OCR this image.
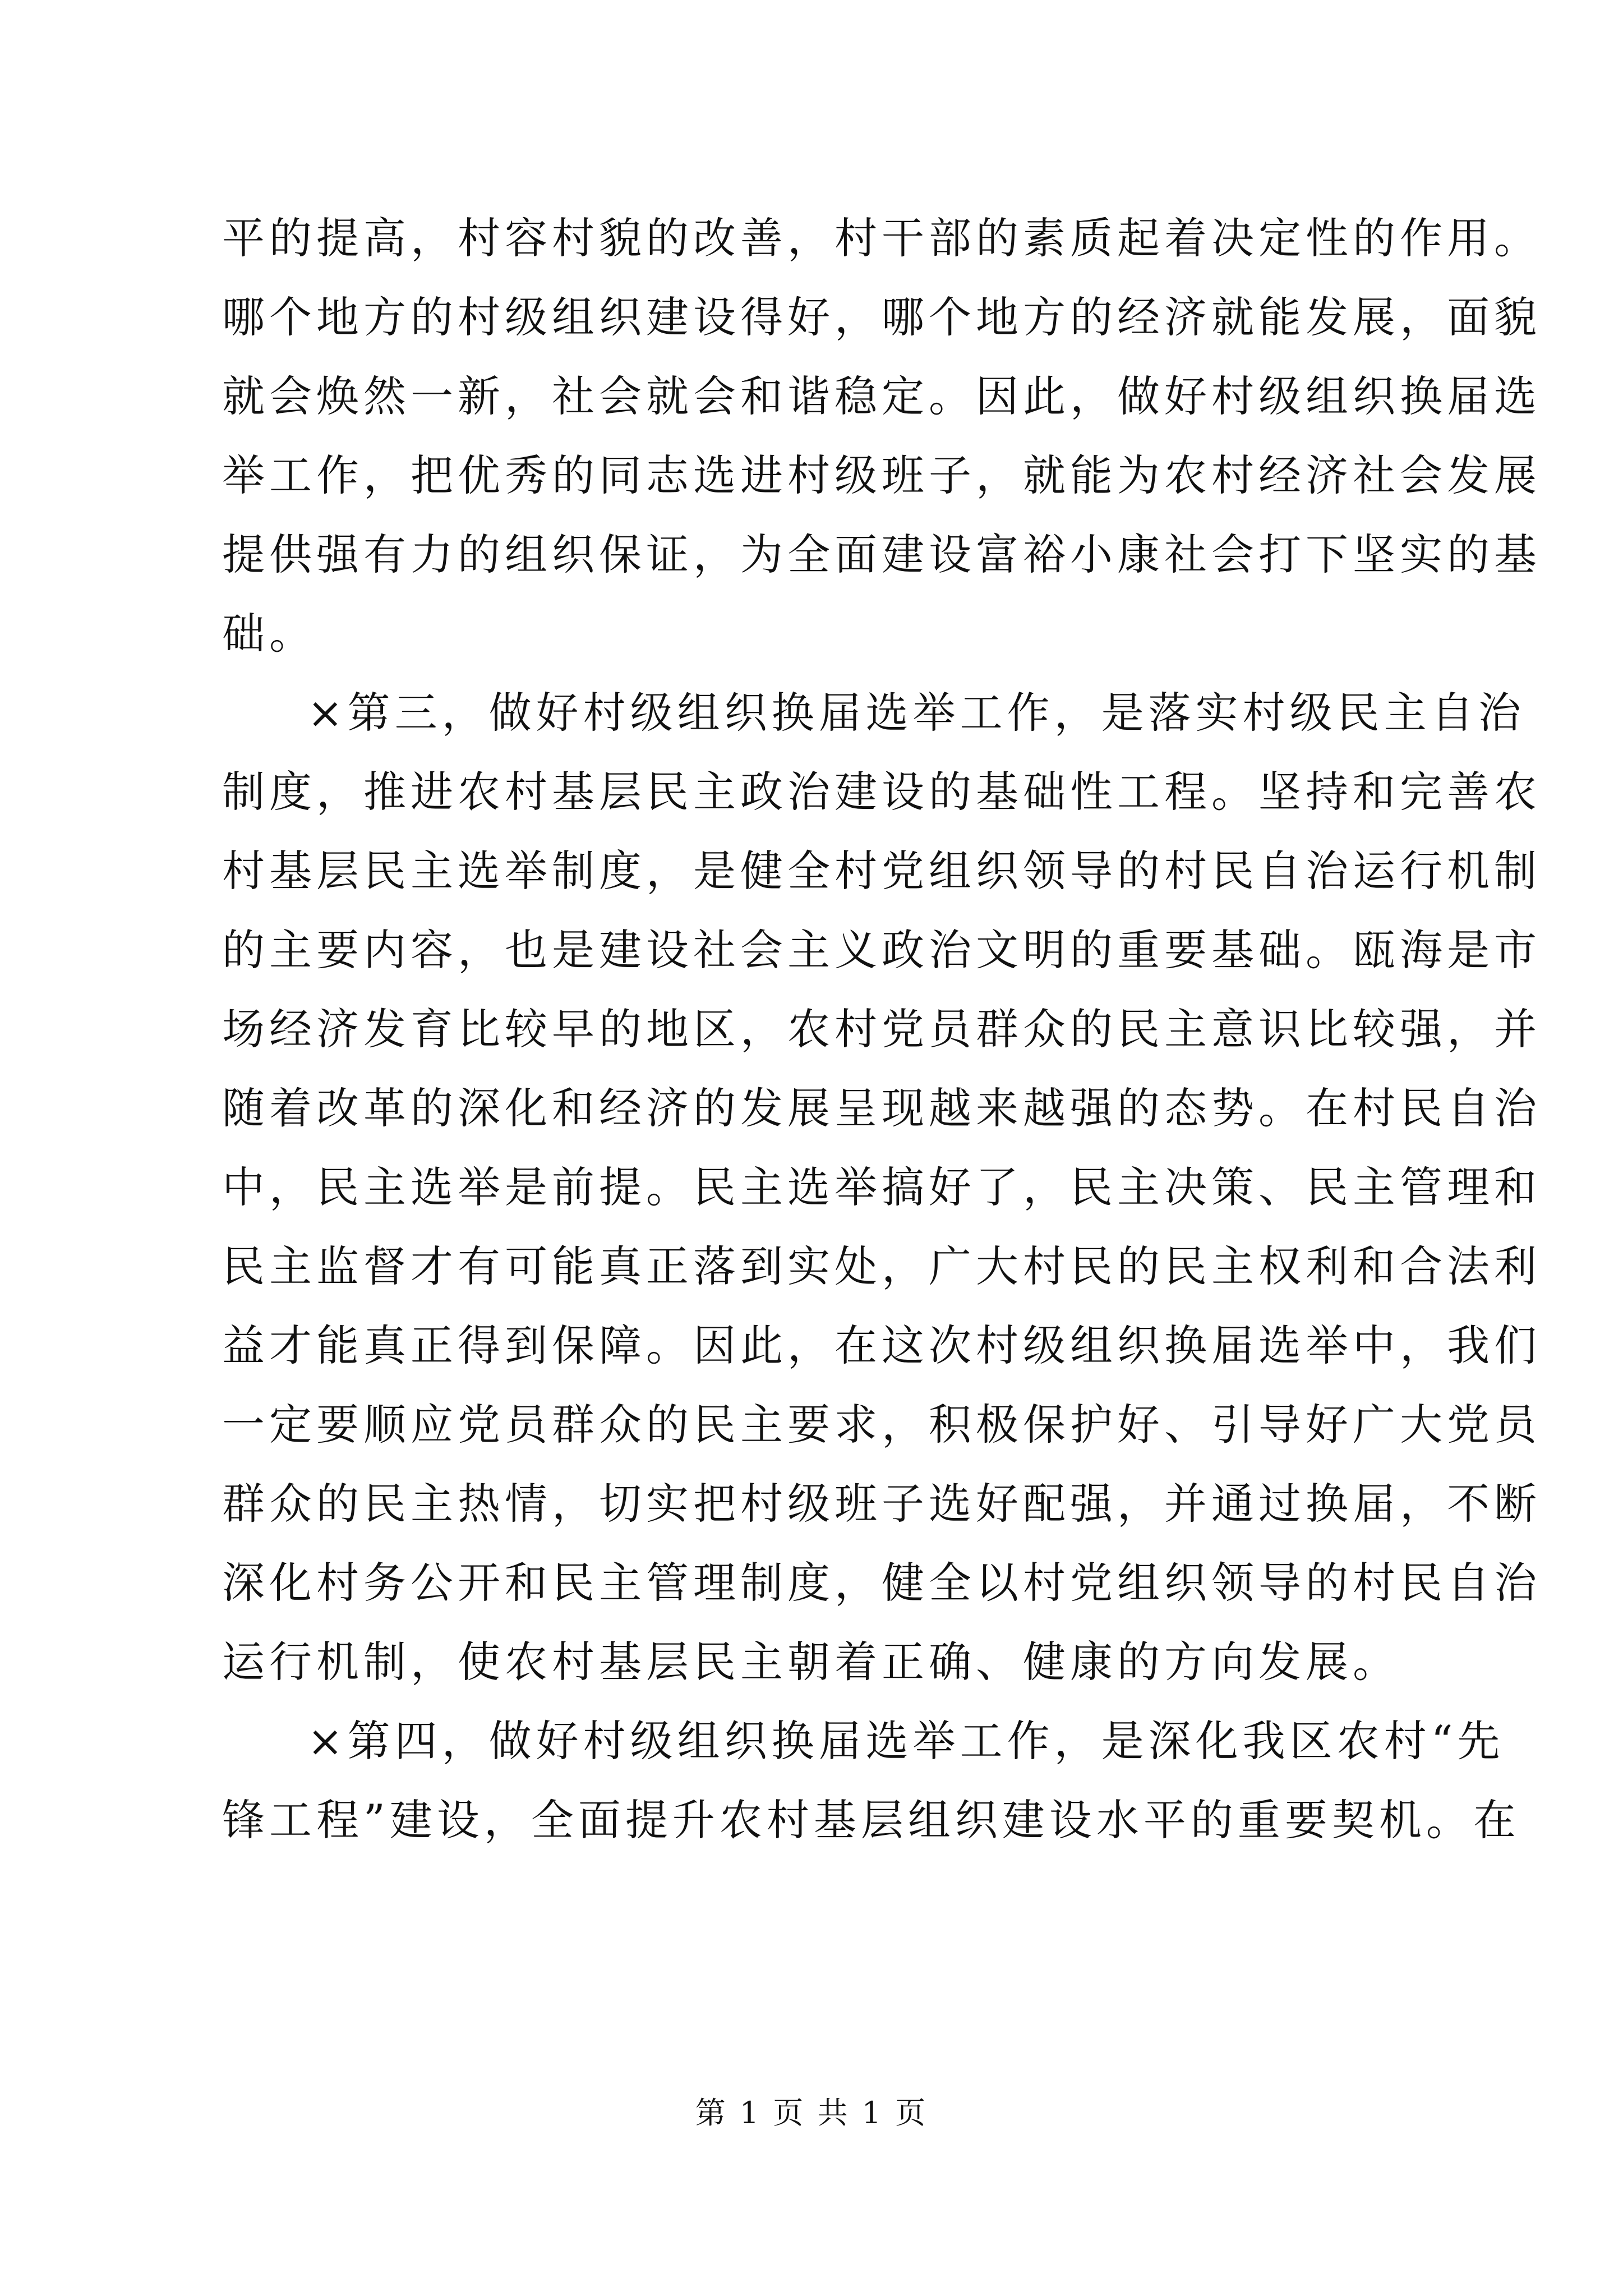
平的提高，村容村貌的改善，村干部的素质起着决定性的作用。
哪个地方的村级组织建设得好，哪个地方的经济就能发展，面貌
就会焕然一新，社会就会和谐稳定。因此，做好村级组织换届选
举工作，把优秀的同志选进村级班子，就能为农村经济社会发展
提供强有力的组织保证，为全面建设富裕小康社会打下坚实的基
础。
×第三，做好村级组织换届选举工作，是落实村级民主自治
制度，推进农村基层民主政治建设的基础性工程。坚持和完善农
村基层民主选举制度，是健全村党组织领导的村民自治运行机制
的主要内容，也是建设社会主义政治文明的重要基础。瓯海是市
场经济发育比较早的地区，农村党员群众的民主意识比较强，并
随着改革的深化和经济的发展呈现越来越强的态势。在村民自治
中，民主选举是前提。民主选举搞好了，民主决策、民主管理和
民主监督才有可能真正落到实处，广大村民的民主权利和合法利
益才能真正得到保障。因此，在这次村级组织换届选举中，我们
一定要顺应党员群众的民主要求，积极保护好、引导好广大党员
群众的民主热情，切实把村级班子选好配强，并通过换届，不断
深化村务公开和民主管理制度，健全以村党组织领导的村民自治
运行机制，使农村基层民主朝着正确、健康的方向发展。
×第四，做好村级组织换届选举工作，是深化我区农村“先
锋工程”建设，全面提升农村基层组织建设水平的重要契机。在
第 1 页 共 1 页
